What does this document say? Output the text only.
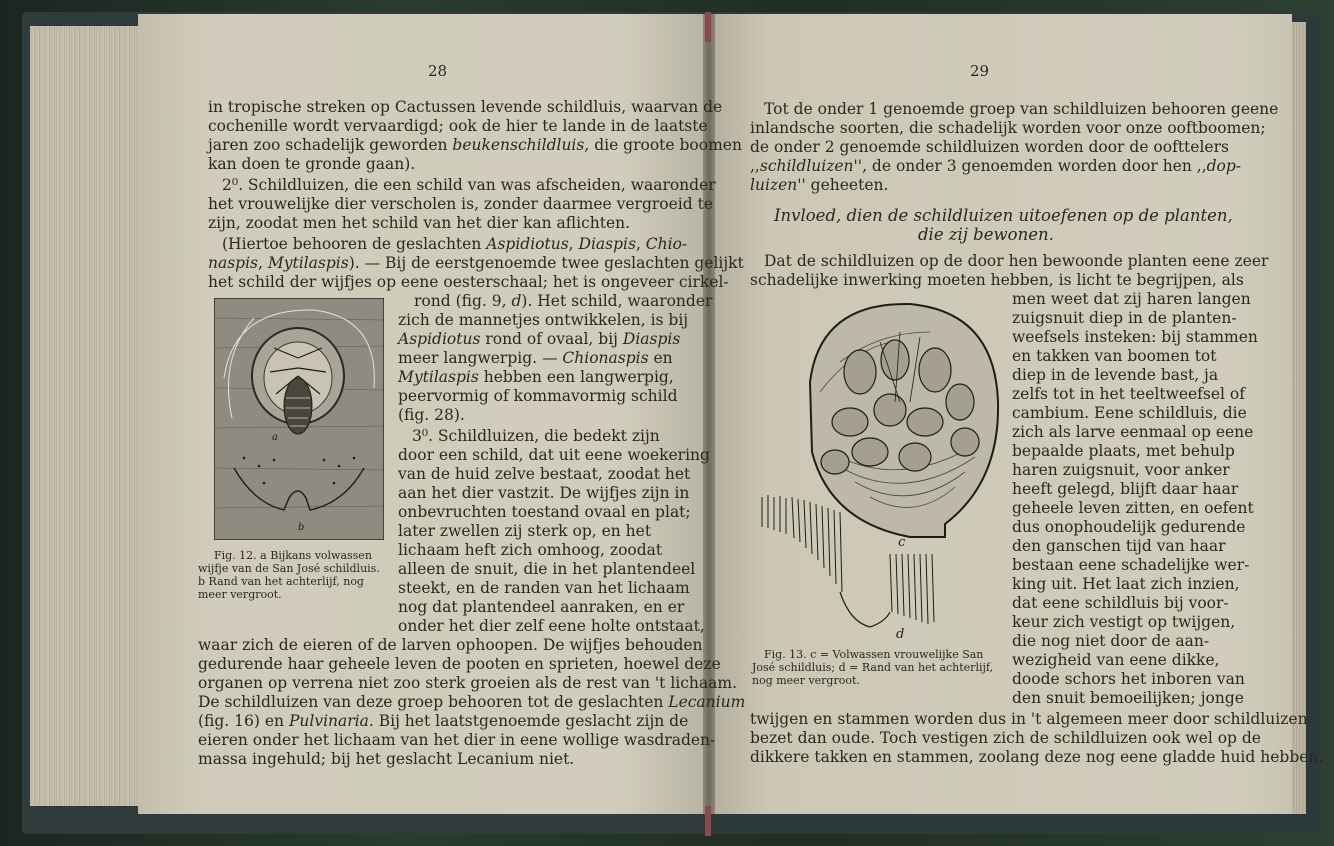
28	29
in tropische streken op Cactussen levende schildluis, waarvan de
cochenille wordt vervaardigd; ook de hier te lande in de laatste
jaren zoo schadelijk geworden beukenschildluis, die groote boomen
kan doen te gronde gaan).
2⁰. Schildluizen, die een schild van was afscheiden, waaronder
het vrouwelijke dier verscholen is, zonder daarmee vergroeid te
zijn, zoodat men het schild van het dier kan aflichten.
(Hiertoe behooren de geslachten Aspidiotus, Diaspis, Chio-
naspis, Mytilaspis). — Bij de eerstgenoemde twee geslachten gelijkt
het schild der wijfjes op eene oesterschaal; het is ongeveer cirkel-
a
b
Fig. 12. a Bijkans volwassen
wijfje van de San José schildluis.
b Rand van het achterlijf, nog
meer vergroot.
rond (fig. 9, d). Het schild, waaronder
zich de mannetjes ontwikkelen, is bij
Aspidiotus rond of ovaal, bij Diaspis
meer langwerpig. — Chionaspis en
Mytilaspis hebben een langwerpig,
peervormig of kommavormig schild
(fig. 28).
3⁰. Schildluizen, die bedekt zijn
door een schild, dat uit eene woekering
van de huid zelve bestaat, zoodat het
aan het dier vastzit. De wijfjes zijn in
onbevruchten toestand ovaal en plat;
later zwellen zij sterk op, en het
lichaam heft zich omhoog, zoodat
alleen de snuit, die in het plantendeel
steekt, en de randen van het lichaam
nog dat plantendeel aanraken, en er
onder het dier zelf eene holte ontstaat,
waar zich de eieren of de larven ophoopen. De wijfjes behouden
gedurende haar geheele leven de pooten en sprieten, hoewel deze
organen op verrena niet zoo sterk groeien als de rest van 't lichaam.
De schildluizen van deze groep behooren tot de geslachten Lecanium
(fig. 16) en Pulvinaria. Bij het laatstgenoemde geslacht zijn de
eieren onder het lichaam van het dier in eene wollige wasdraden-
massa ingehuld; bij het geslacht Lecanium niet.
Tot de onder 1 genoemde groep van schildluizen behooren geene
inlandsche soorten, die schadelijk worden voor onze ooftboomen;
de onder 2 genoemde schildluizen worden door de oofttelers
,,schildluizen'', de onder 3 genoemden worden door hen ,,dop-
luizen'' geheeten.
Invloed, dien de schildluizen uitoefenen op de planten,
die zij bewonen.
Dat de schildluizen op de door hen bewoonde planten eene zeer
schadelijke inwerking moeten hebben, is licht te begrijpen, als
c
d
Fig. 13. c = Volwassen vrouwelijke San
José schildluis; d = Rand van het achterlijf,
nog meer vergroot.
men weet dat zij haren langen
zuigsnuit diep in de planten-
weefsels insteken: bij stammen
en takken van boomen tot
diep in de levende bast, ja
zelfs tot in het teeltweefsel of
cambium. Eene schildluis, die
zich als larve eenmaal op eene
bepaalde plaats, met behulp
haren zuigsnuit, voor anker
heeft gelegd, blijft daar haar
geheele leven zitten, en oefent
dus onophoudelijk gedurende
den ganschen tijd van haar
bestaan eene schadelijke wer-
king uit. Het laat zich inzien,
dat eene schildluis bij voor-
keur zich vestigt op twijgen,
die nog niet door de aan-
wezigheid van eene dikke,
doode schors het inboren van
den snuit bemoeilijken; jonge
twijgen en stammen worden dus in 't algemeen meer door schildluizen
bezet dan oude. Toch vestigen zich de schildluizen ook wel op de
dikkere takken en stammen, zoolang deze nog eene gladde huid hebben.
